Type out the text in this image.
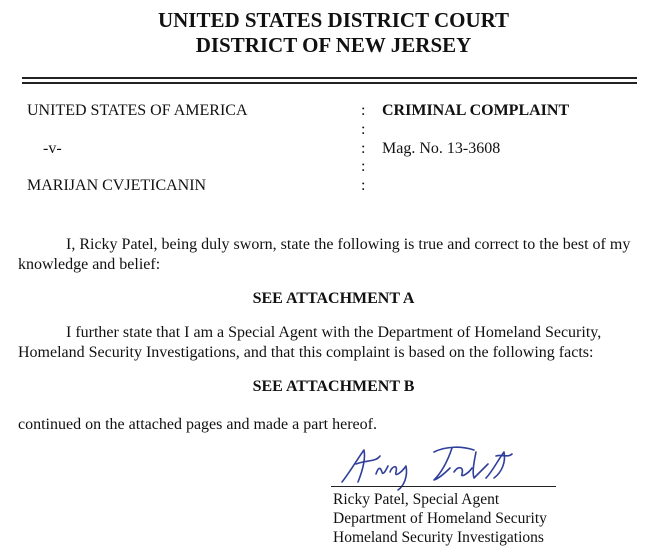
UNITED STATES DISTRICT COURT
DISTRICT OF NEW JERSEY
UNITED STATES OF AMERICA
-v-
MARIJAN CVJETICANIN
:
:
:
:
:
CRIMINAL COMPLAINT
Mag. No. 13-3608
I, Ricky Patel, being duly sworn, state the following is true and correct to the best of my
knowledge and belief:
SEE ATTACHMENT A
I further state that I am a Special Agent with the Department of Homeland Security,
Homeland Security Investigations, and that this complaint is based on the following facts:
SEE ATTACHMENT B
continued on the attached pages and made a part hereof.
Ricky Patel, Special Agent
Department of Homeland Security
Homeland Security Investigations
